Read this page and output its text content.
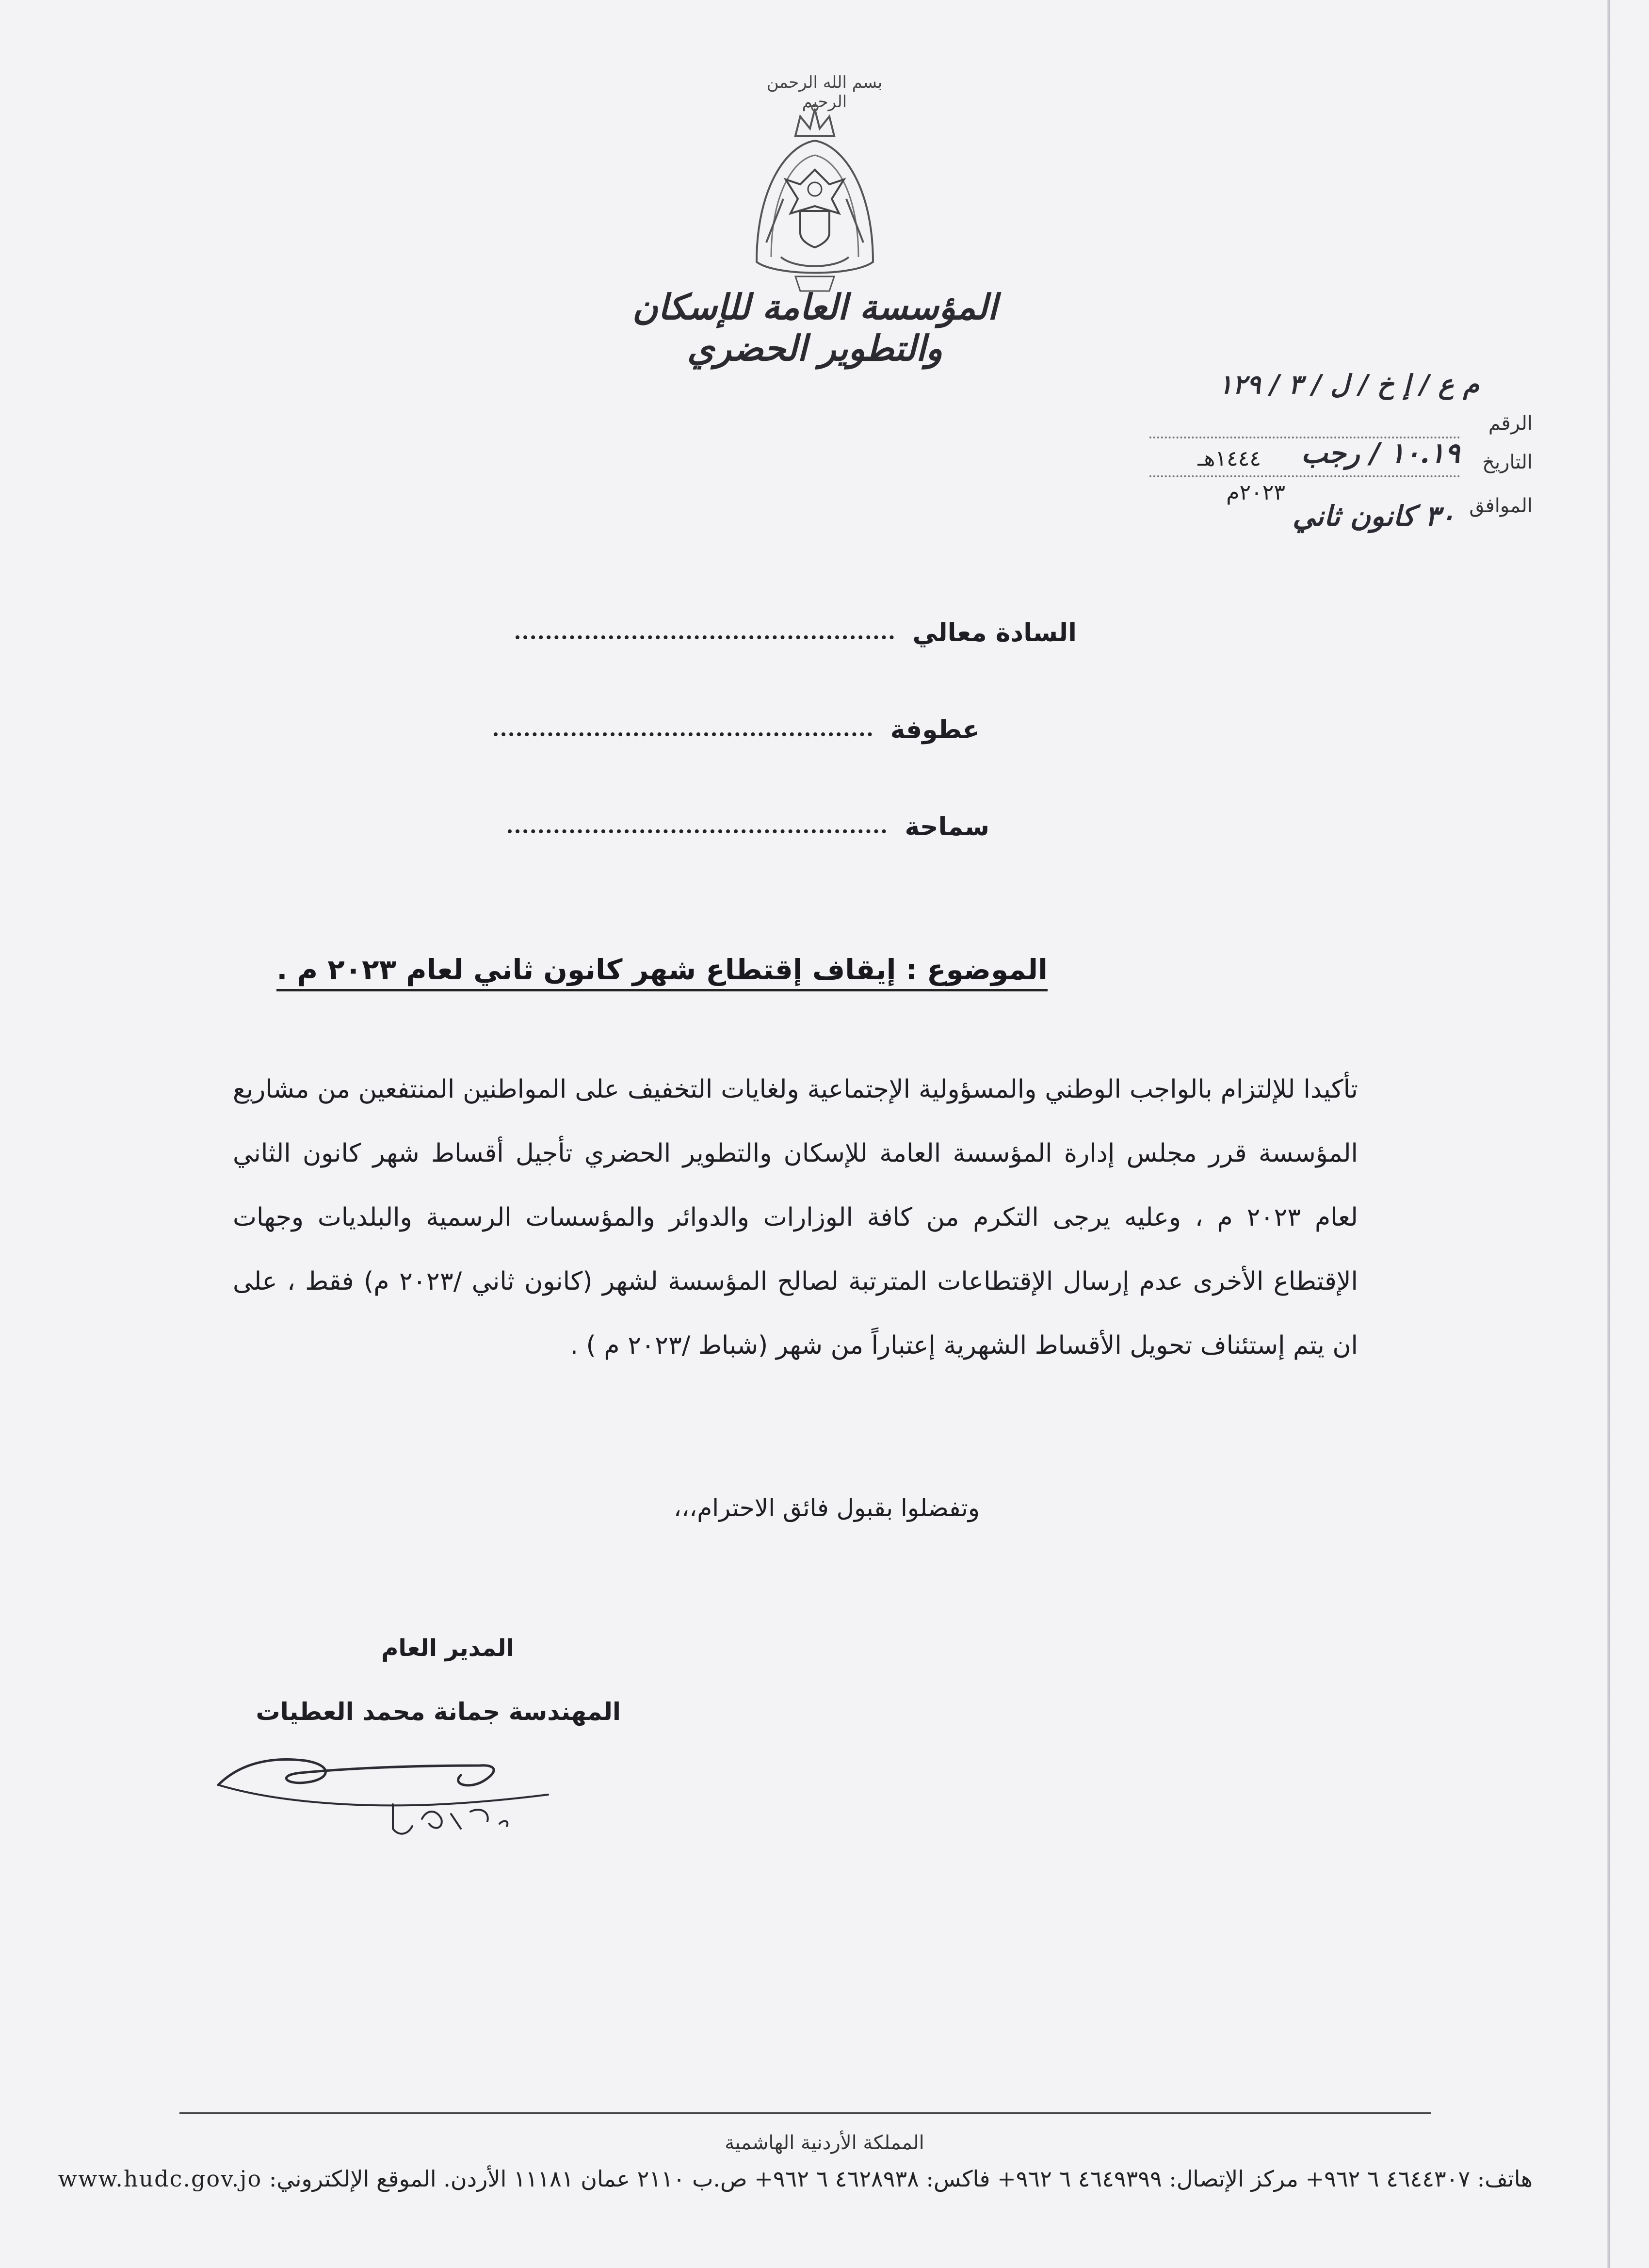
بسم الله الرحمن الرحيم
المؤسسة العامة للإسكان والتطوير الحضري
م ع / إ خ / ل / ٣ / ١٢٩
الرقم
التاريخ
١٠.١٩ / رجب
١٤٤٤هـ
الموافق
٢٠٢٣م
٣٠ كانون ثاني
السادة معالي
عطوفة
سماحة
الموضوع : إيقاف إقتطاع شهر كانون ثاني لعام ٢٠٢٣ م .
تأكيدا للإلتزام بالواجب الوطني والمسؤولية الإجتماعية ولغايات التخفيف على المواطنين المنتفعين من مشاريع المؤسسة قرر مجلس إدارة المؤسسة العامة للإسكان والتطوير الحضري تأجيل أقساط شهر كانون الثاني لعام ٢٠٢٣ م ، وعليه يرجى التكرم من كافة الوزارات والدوائر والمؤسسات الرسمية والبلديات وجهات الإقتطاع الأخرى عدم إرسال الإقتطاعات المترتبة لصالح المؤسسة لشهر (كانون ثاني /٢٠٢٣ م) فقط ، على ان يتم إستئناف تحويل الأقساط الشهرية إعتباراً من شهر (شباط /٢٠٢٣ م ) .
وتفضلوا بقبول فائق الاحترام،،،
المدير العام
المهندسة جمانة محمد العطيات
المملكة الأردنية الهاشمية
هاتف: ٤٦٤٤٣٠٧ ٦ ٩٦٢+ مركز الإتصال: ٤٦٤٩٣٩٩ ٦ ٩٦٢+ فاكس: ٤٦٢٨٩٣٨ ٦ ٩٦٢+ ص.ب ٢١١٠ عمان ١١١٨١ الأردن. الموقع الإلكتروني: www.hudc.gov.jo
